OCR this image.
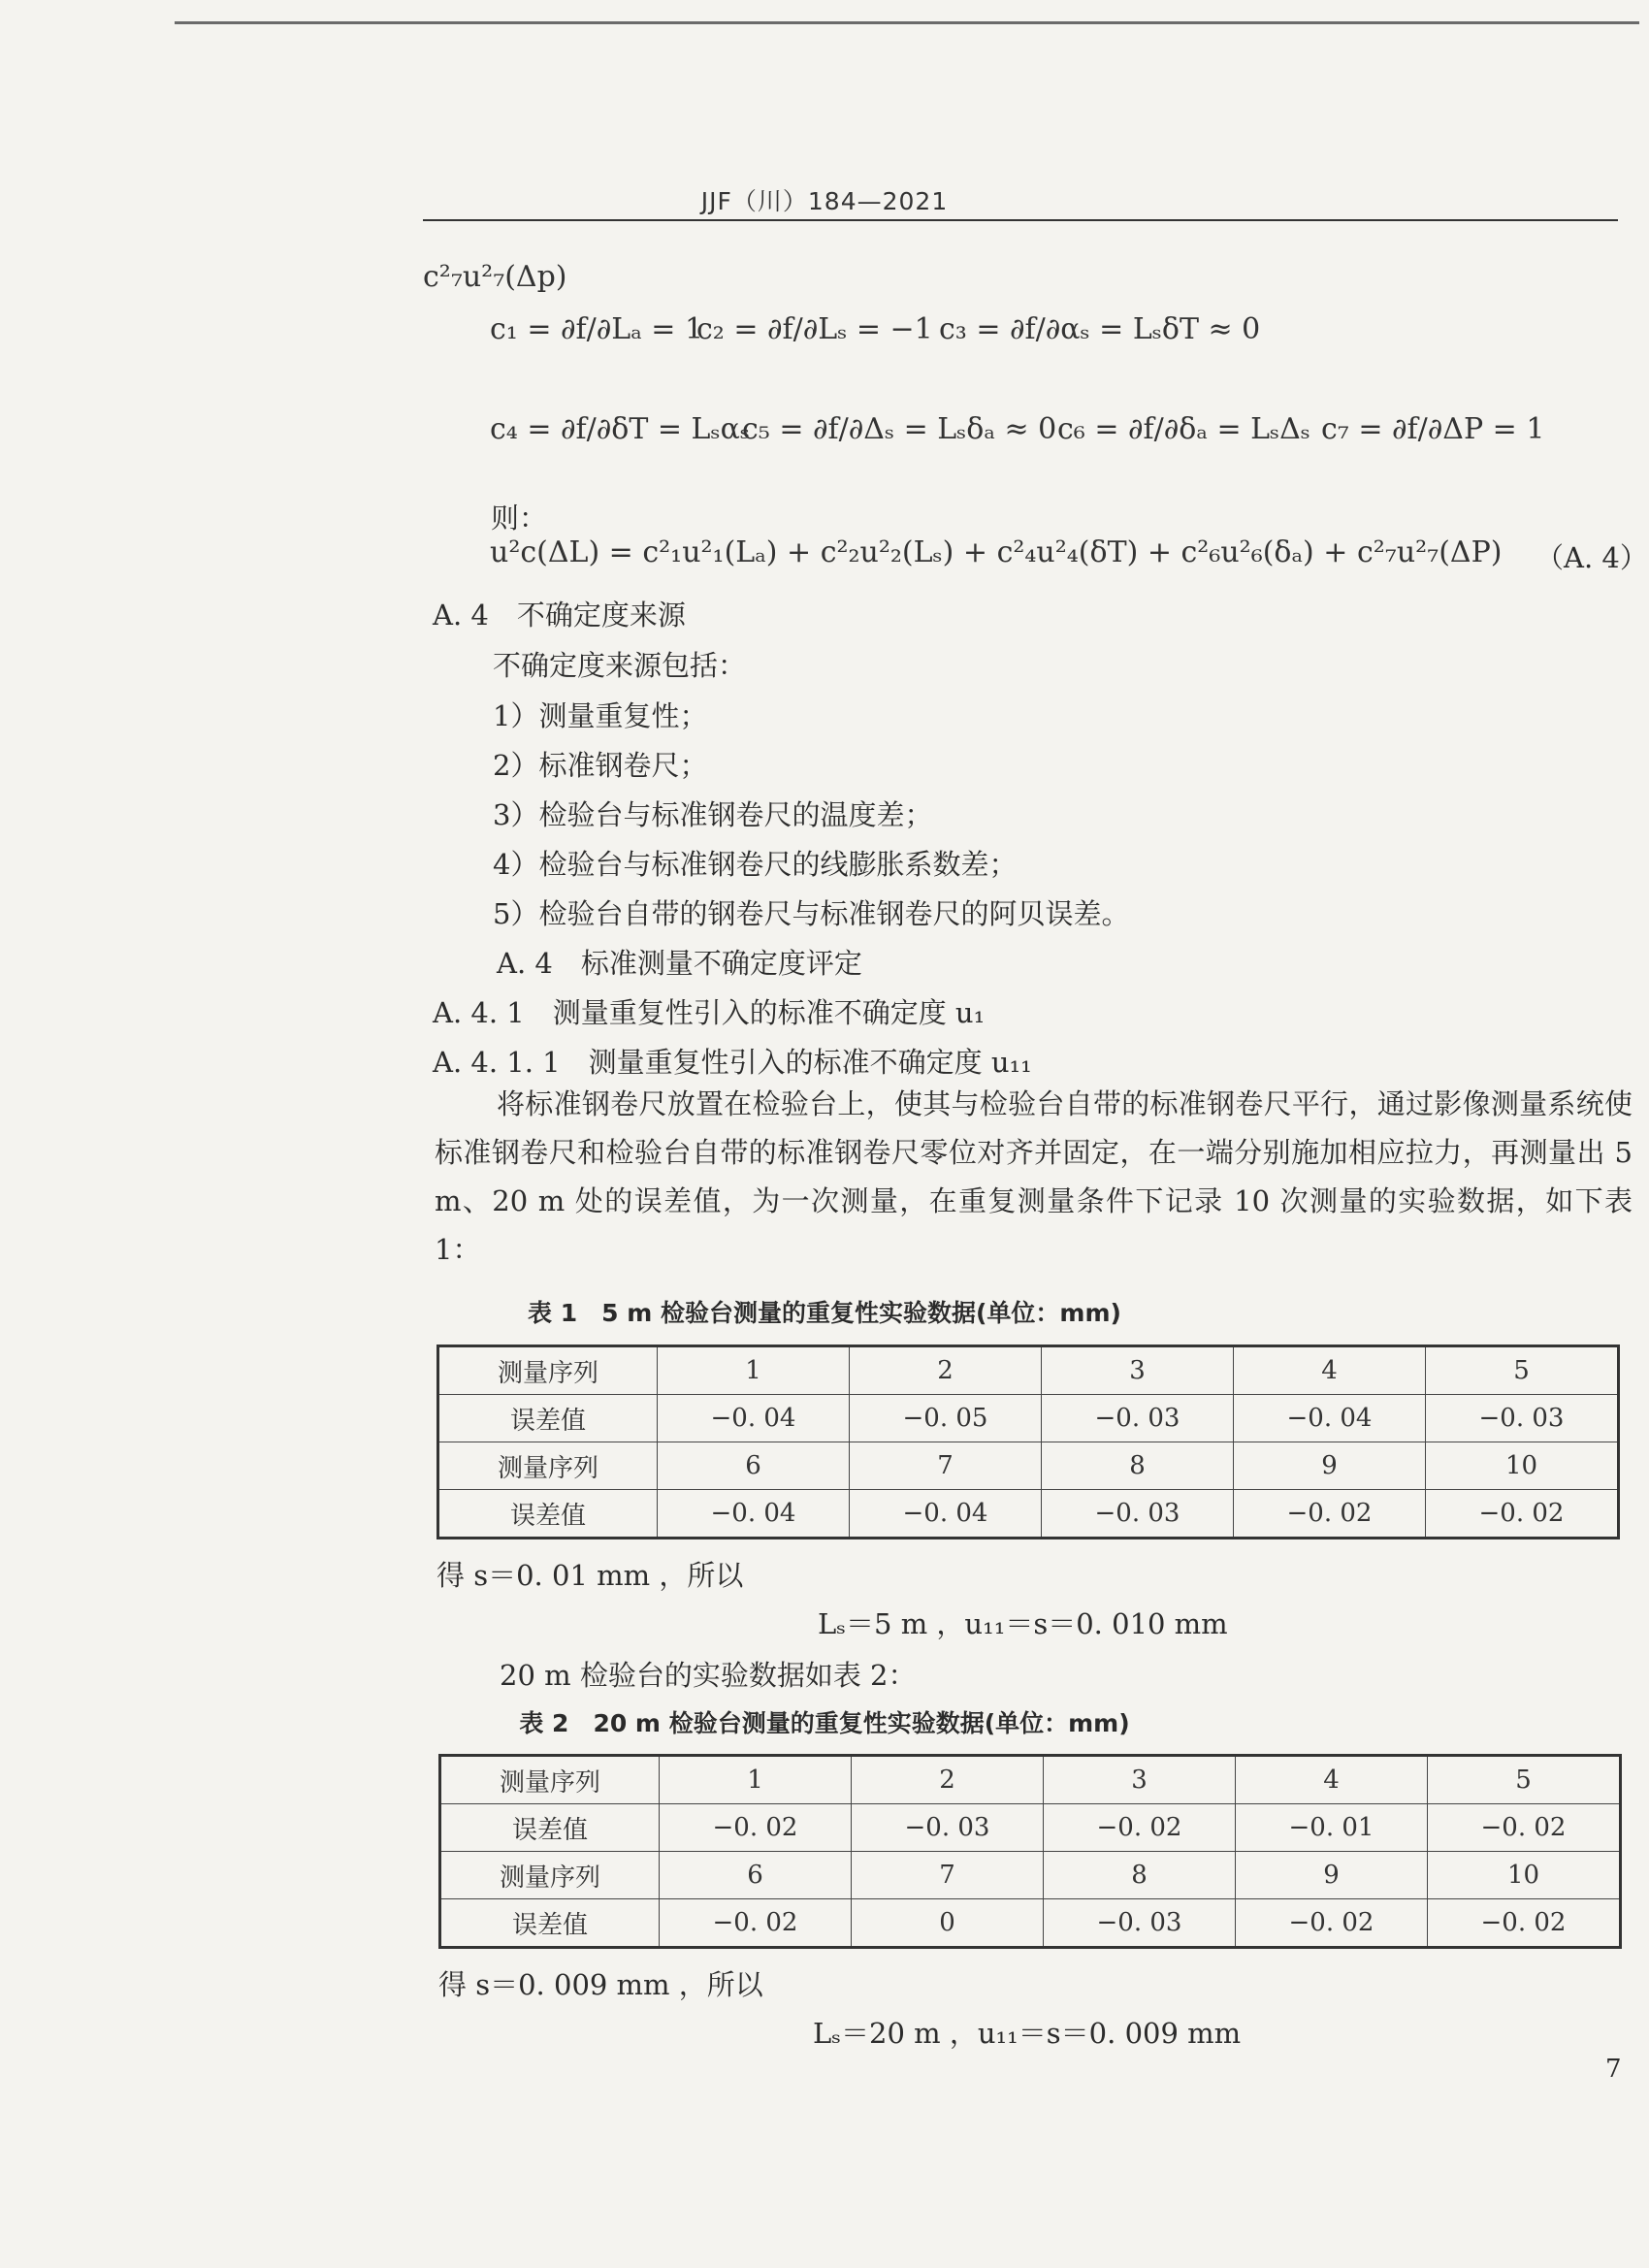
JJF（川）184—2021
c²₇u²₇(Δp)
c₁ = ∂f/∂Lₐ = 1
c₂ = ∂f/∂Lₛ = −1 c₃ = ∂f/∂αₛ = LₛδT ≈ 0
c₄ = ∂f/∂δT = Lₛαₛ
c₅ = ∂f/∂Δₛ = Lₛδₐ ≈ 0 c₆ = ∂f/∂δₐ = LₛΔₛ c₇ = ∂f/∂ΔP = 1
则：
u²c(ΔL) = c²₁u²₁(Lₐ) + c²₂u²₂(Lₛ) + c²₄u²₄(δT) + c²₆u²₆(δₐ) + c²₇u²₇(ΔP) （A. 4）
A. 4　不确定度来源
不确定度来源包括：
1）测量重复性；
2）标准钢卷尺；
3）检验台与标准钢卷尺的温度差；
4）检验台与标准钢卷尺的线膨胀系数差；
5）检验台自带的钢卷尺与标准钢卷尺的阿贝误差。
A. 4　标准测量不确定度评定
A. 4. 1　测量重复性引入的标准不确定度 u₁
A. 4. 1. 1　测量重复性引入的标准不确定度 u₁₁
将标准钢卷尺放置在检验台上，使其与检验台自带的标准钢卷尺平行，通过影像测量系统使标准钢卷尺和检验台自带的标准钢卷尺零位对齐并固定，在一端分别施加相应拉力，再测量出 5 m、20 m 处的误差值，为一次测量，在重复测量条件下记录 10 次测量的实验数据，如下表 1：
表 1　5 m 检验台测量的重复性实验数据(单位：mm)
测量序列	1	2	3	4	5
误差值	−0. 04	−0. 05	−0. 03	−0. 04	−0. 03
测量序列	6	7	8	9	10
误差值	−0. 04	−0. 04	−0. 03	−0. 02	−0. 02
得 s＝0. 01 mm ，所以
Lₛ＝5 m ，u₁₁＝s＝0. 010 mm
20 m 检验台的实验数据如表 2：
表 2　20 m 检验台测量的重复性实验数据(单位：mm)
测量序列	1	2	3	4	5
误差值	−0. 02	−0. 03	−0. 02	−0. 01	−0. 02
测量序列	6	7	8	9	10
误差值	−0. 02	0	−0. 03	−0. 02	−0. 02
得 s＝0. 009 mm ，所以
Lₛ＝20 m ，u₁₁＝s＝0. 009 mm
7
